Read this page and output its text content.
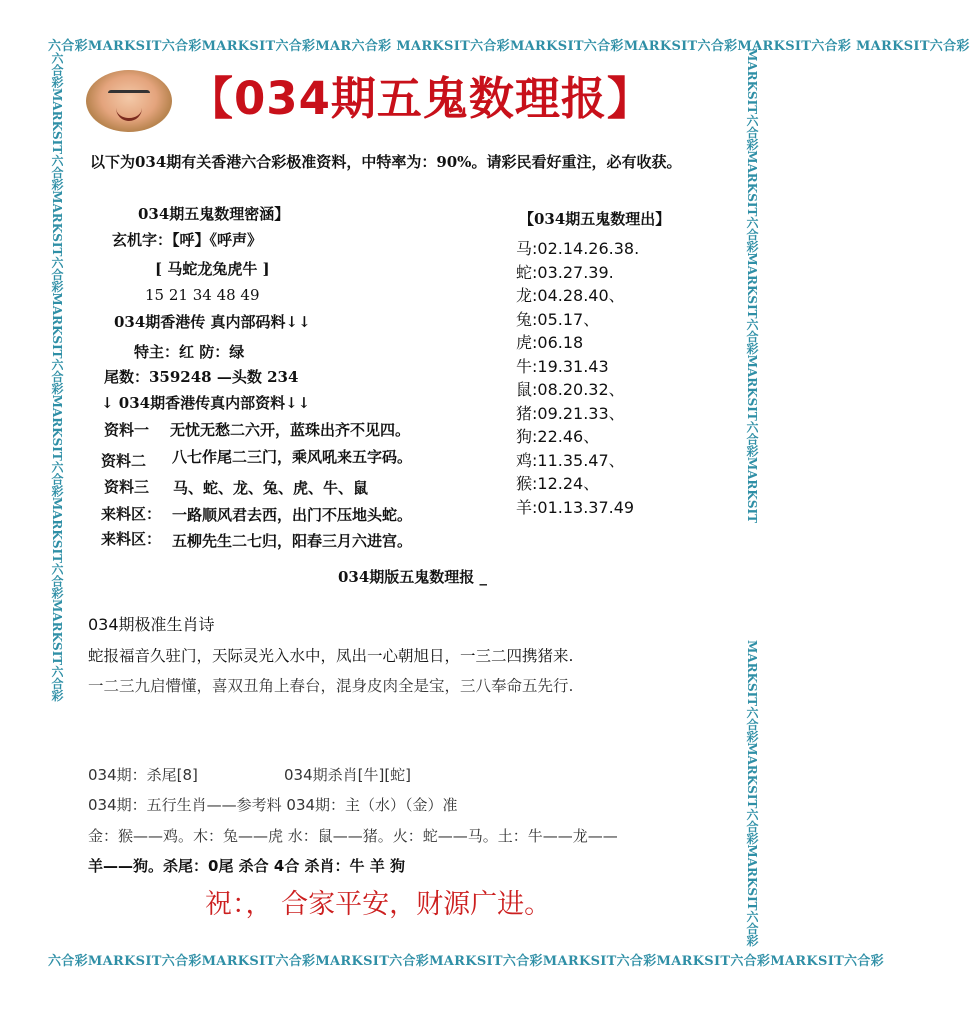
六合彩MARKSIT六合彩MARKSIT六合彩MAR六合彩 MARKSIT六合彩MARKSIT六合彩MARKSIT六合彩MARKSIT六合彩 MARKSIT六合彩
六合彩MARKSIT六合彩MARKSIT六合彩MARKSIT六合彩MARKSIT六合彩MARKSIT六合彩MARKSIT六合彩MARKSIT六合彩
六合彩MARKSIT六合彩MARKSIT六合彩MARKSIT六合彩MARKSIT六合彩MARKSIT六合彩MARKSIT六合彩	MARKSIT六合彩MARKSIT六合彩MARKSIT六合彩MARKSIT六合彩MARKSIT
MARKSIT六合彩MARKSIT六合彩MARKSIT六合彩
【034期五鬼数理报】
以下为034期有关香港六合彩极准资料，中特率为：90%。请彩民看好重注，必有收获。
034期五鬼数理密涵】
玄机字：【呼】《呼声》
[ 马蛇龙兔虎牛 ]
15 21 34 48 49
034期香港传 真内部码料↓↓
特主：红 防：绿
尾数：359248 —头数 234
↓ 034期香港传真内部资料↓↓
资料一 无忧无愁二六开，蓝珠出齐不见四。
资料二 八七作尾二三门，乘风吼来五字码。
资料三 马、蛇、龙、兔、虎、牛、鼠
来料区： 一路顺风君去西，出门不压地头蛇。
来料区： 五柳先生二七归，阳春三月六进宫。
【034期五鬼数理出】
马:02.14.26.38.
蛇:03.27.39.
龙:04.28.40、
兔:05.17、
虎:06.18
牛:19.31.43
鼠:08.20.32、
猪:09.21.33、
狗:22.46、
鸡:11.35.47、
猴:12.24、
羊:01.13.37.49
034期版五鬼数理报 _
034期极准生肖诗
蛇报福音久驻门，天际灵光入水中，凤出一心朝旭日，一三二四携猪来.
一二三九启懵懂，喜双丑角上春台，混身皮肉全是宝，三八奉命五先行.
034期：杀尾[8]	034期杀肖[牛][蛇]
034期：五行生肖——参考料 034期：主（水）（金）准
金：猴——鸡。木：兔——虎 水：鼠——猪。火：蛇——马。土：牛——龙——
羊——狗。杀尾：0尾 杀合 4合 杀肖：牛 羊 狗
祝：， 合家平安，财源广进。
